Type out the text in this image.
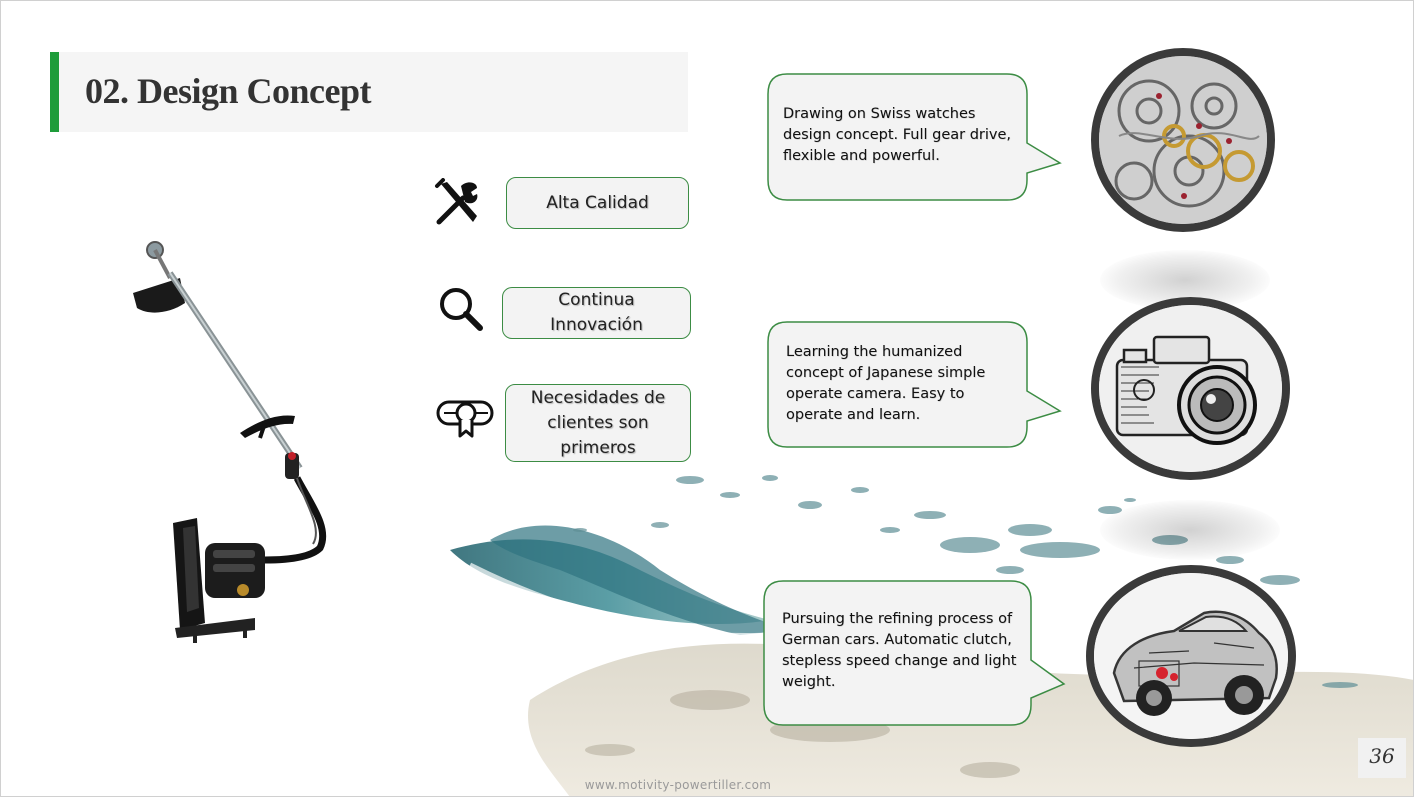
02. Design Concept
Alta Calidad
Continua Innovación
Necesidades de clientes son primeros
Drawing on Swiss watches design concept. Full gear drive, flexible and powerful.
Learning the humanized concept of Japanese simple operate camera. Easy to operate and learn.
Pursuing the refining process of German cars. Automatic clutch, stepless speed change and light weight.
www.motivity-powertiller.com
36
